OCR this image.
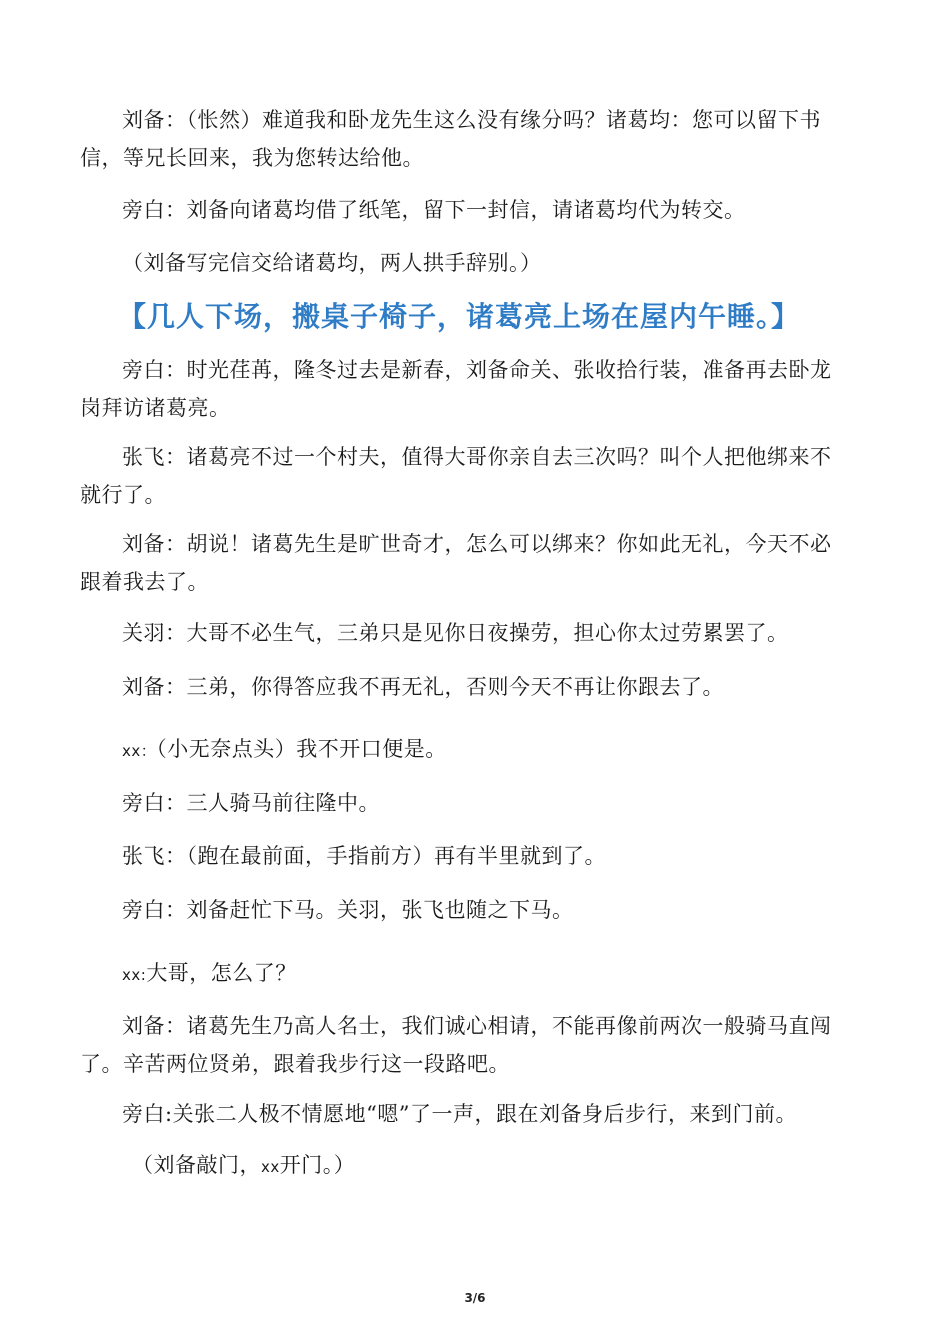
刘备：（怅然）难道我和卧龙先生这么没有缘分吗？诸葛均：您可以留下书信，等兄长回来，我为您转达给他。

旁白：刘备向诸葛均借了纸笔，留下一封信，请诸葛均代为转交。

（刘备写完信交给诸葛均，两人拱手辞别。）

【几人下场，搬桌子椅子，诸葛亮上场在屋内午睡。】

旁白：时光荏苒，隆冬过去是新春，刘备命关、张收拾行装，准备再去卧龙岗拜访诸葛亮。

张飞：诸葛亮不过一个村夫，值得大哥你亲自去三次吗？叫个人把他绑来不就行了。

刘备：胡说！诸葛先生是旷世奇才，怎么可以绑来？你如此无礼，今天不必跟着我去了。

关羽：大哥不必生气，三弟只是见你日夜操劳，担心你太过劳累罢了。

刘备：三弟，你得答应我不再无礼，否则今天不再让你跟去了。

xx：（小无奈点头）我不开口便是。

旁白：三人骑马前往隆中。

张飞：（跑在最前面，手指前方）再有半里就到了。

旁白：刘备赶忙下马。关羽，张飞也随之下马。

xx:大哥，怎么了？

刘备：诸葛先生乃高人名士，我们诚心相请，不能再像前两次一般骑马直闯了。辛苦两位贤弟，跟着我步行这一段路吧。

旁白:关张二人极不情愿地“嗯”了一声，跟在刘备身后步行，来到门前。

（刘备敲门，xx开门。）

3/6
